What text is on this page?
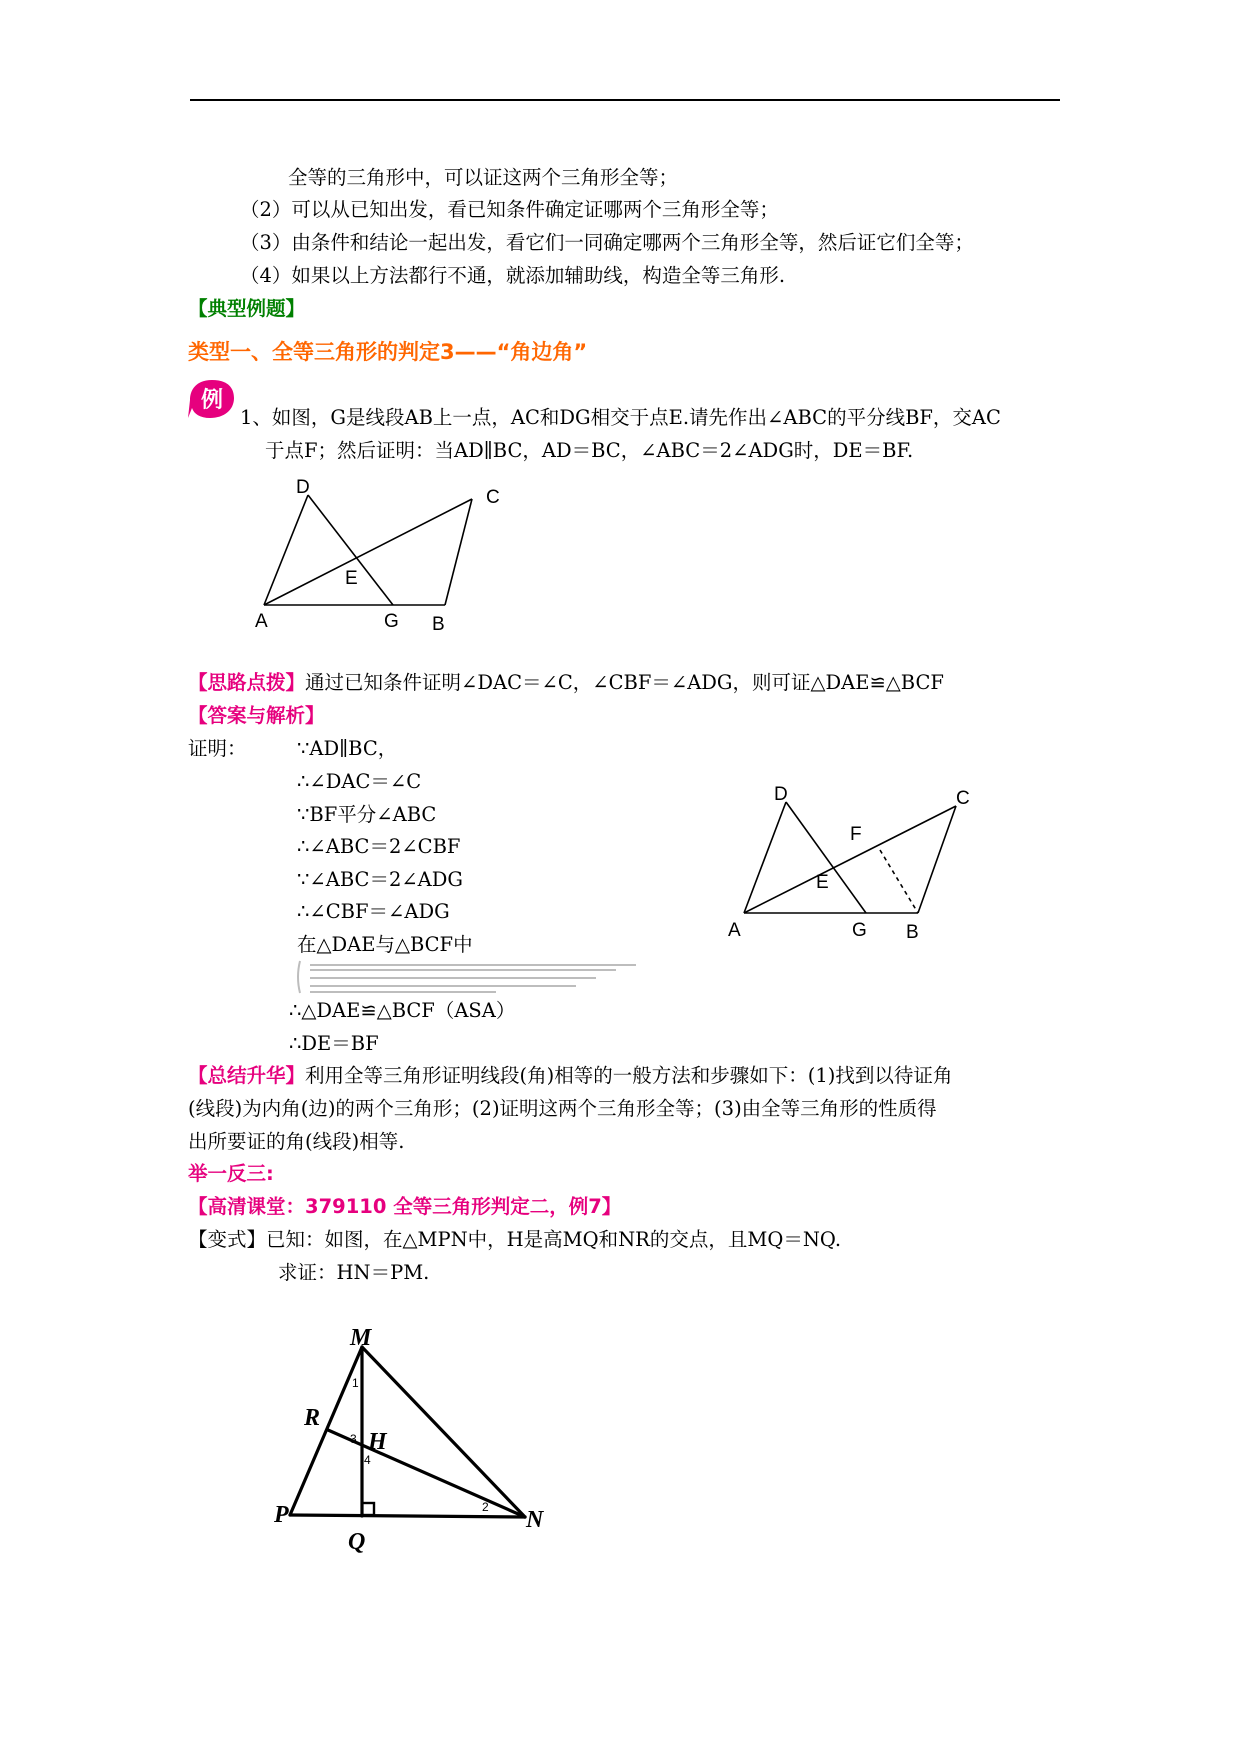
全等的三角形中，可以证这两个三角形全等；
（2）可以从已知出发，看已知条件确定证哪两个三角形全等；
（3）由条件和结论一起出发，看它们一同确定哪两个三角形全等，然后证它们全等；
（4）如果以上方法都行不通，就添加辅助线，构造全等三角形.
【典型例题】
类型一、全等三角形的判定3——“角边角”
例
1、如图，G是线段AB上一点，AC和DG相交于点E.请先作出∠ABC的平分线BF，交AC
于点F；然后证明：当AD∥BC，AD＝BC，∠ABC＝2∠ADG时，DE＝BF.
D	C
E
A	G B
【思路点拨】通过已知条件证明∠DAC＝∠C，∠CBF＝∠ADG，则可证△DAE≌△BCF
【答案与解析】
证明：	∵AD∥BC，
∴∠DAC＝∠C
∵BF平分∠ABC
∴∠ABC＝2∠CBF
∵∠ABC＝2∠ADG
∴∠CBF＝∠ADG
在△DAE与△BCF中
∴△DAE≌△BCF（ASA）
∴DE＝BF
D	C
F
E
A	G B
【总结升华】利用全等三角形证明线段(角)相等的一般方法和步骤如下：(1)找到以待证角
(线段)为内角(边)的两个三角形；(2)证明这两个三角形全等；(3)由全等三角形的性质得
出所要证的角(线段)相等.
举一反三:
【高清课堂：379110 全等三角形判定二，例7】
【变式】已知：如图，在△MPN中，H是高MQ和NR的交点，且MQ＝NQ.
求证：HN＝PM.
M
R
H
P
Q
N
1
3
4
2
